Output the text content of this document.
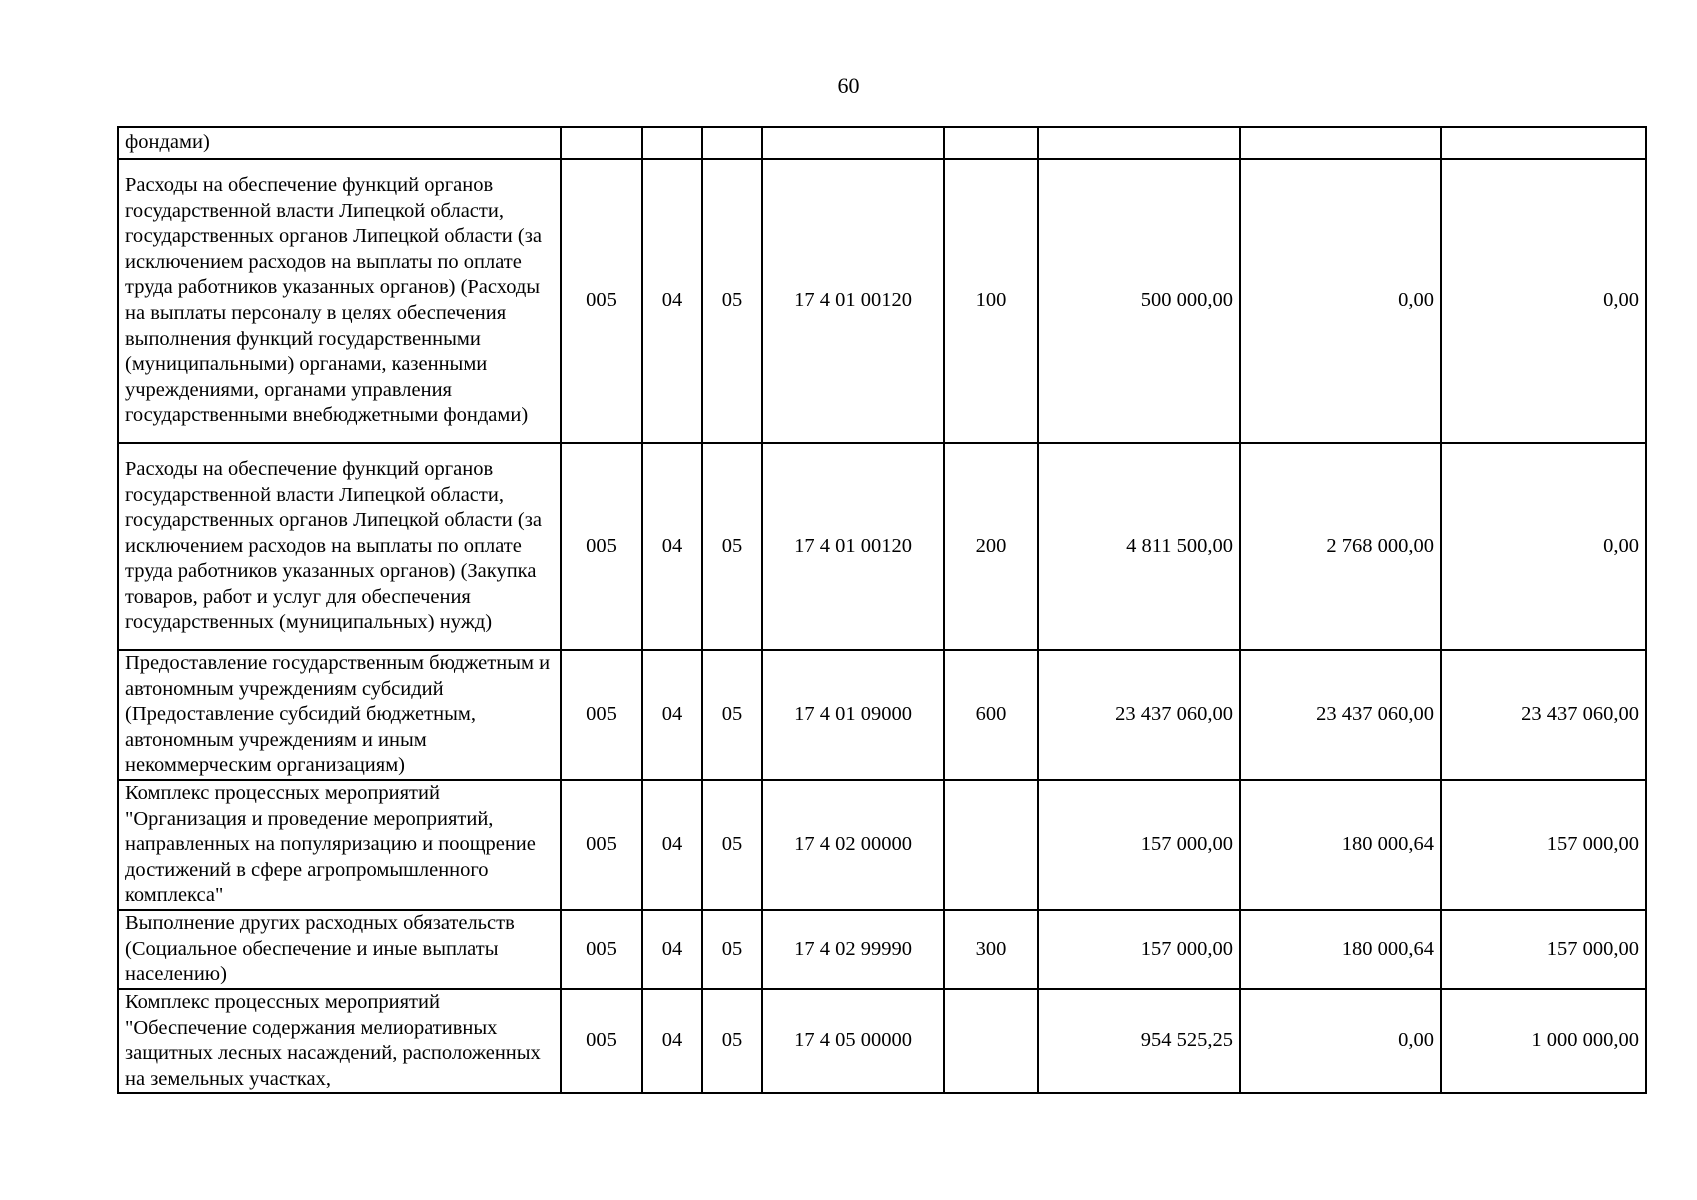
60
фондами)								
Расходы на обеспечение функций органов государственной власти Липецкой области, государственных органов Липецкой области (за исключением расходов на выплаты по оплате труда работников указанных органов) (Расходы на выплаты персоналу в целях обеспечения выполнения функций государственными (муниципальными) органами, казенными учреждениями, органами управления государственными внебюджетными фондами)	005	04	05	17 4 01 00120	100	500 000,00	0,00	0,00
Расходы на обеспечение функций органов государственной власти Липецкой области, государственных органов Липецкой области (за исключением расходов на выплаты по оплате труда работников указанных органов) (Закупка товаров, работ и услуг для обеспечения государственных (муниципальных) нужд)	005	04	05	17 4 01 00120	200	4 811 500,00	2 768 000,00	0,00
Предоставление государственным бюджетным и автономным учреждениям субсидий (Предоставление субсидий бюджетным, автономным учреждениям и иным некоммерческим организациям)	005	04	05	17 4 01 09000	600	23 437 060,00	23 437 060,00	23 437 060,00
Комплекс процессных мероприятий "Организация и проведение мероприятий, направленных на популяризацию и поощрение достижений в сфере агропромышленного комплекса"	005	04	05	17 4 02 00000		157 000,00	180 000,64	157 000,00
Выполнение других расходных обязательств (Социальное обеспечение и иные выплаты населению)	005	04	05	17 4 02 99990	300	157 000,00	180 000,64	157 000,00
Комплекс процессных мероприятий "Обеспечение содержания мелиоративных защитных лесных насаждений, расположенных на земельных участках,	005	04	05	17 4 05 00000		954 525,25	0,00	1 000 000,00
